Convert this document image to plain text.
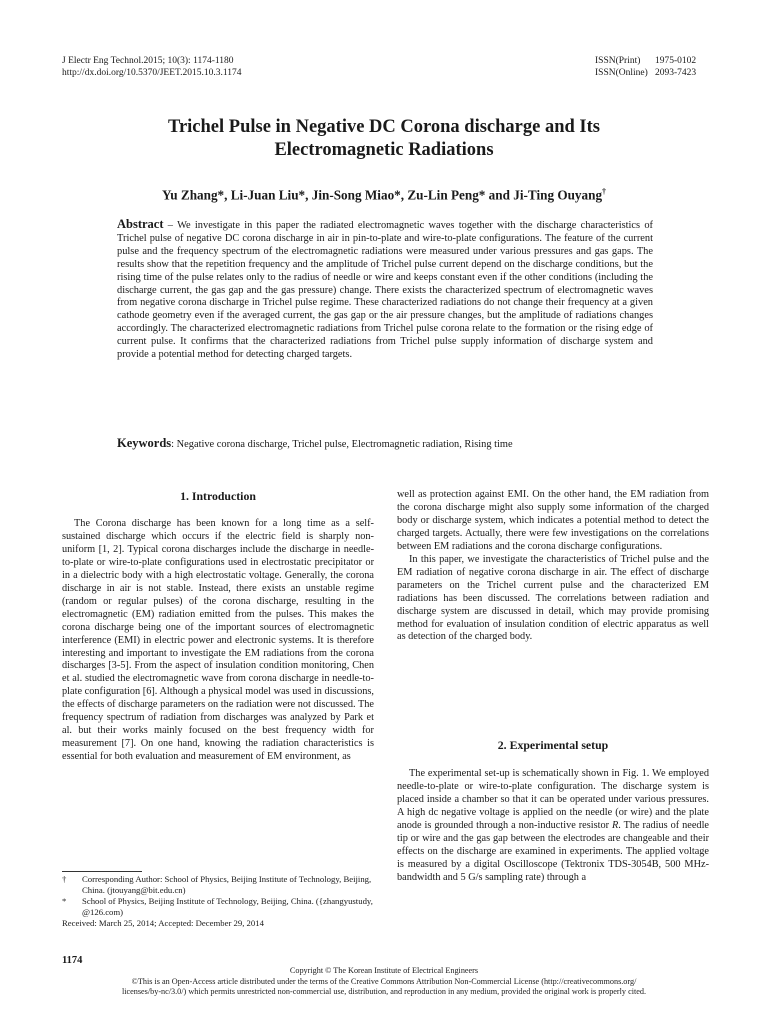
J Electr Eng Technol.2015; 10(3): 1174-1180
http://dx.doi.org/10.5370/JEET.2015.10.3.1174
ISSN(Print) 1975-0102
ISSN(Online) 2093-7423
Trichel Pulse in Negative DC Corona discharge and Its
Electromagnetic Radiations
Yu Zhang*, Li-Juan Liu*, Jin-Song Miao*, Zu-Lin Peng* and Ji-Ting Ouyang†
Abstract – We investigate in this paper the radiated electromagnetic waves together with the discharge characteristics of Trichel pulse of negative DC corona discharge in air in pin-to-plate and wire-to-plate configurations. The feature of the current pulse and the frequency spectrum of the electromagnetic radiations were measured under various pressures and gas gaps. The results show that the repetition frequency and the amplitude of Trichel pulse current depend on the discharge conditions, but the rising time of the pulse relates only to the radius of needle or wire and keeps constant even if the other conditions (including the discharge current, the gas gap and the gas pressure) change. There exists the characterized spectrum of electromagnetic waves from negative corona discharge in Trichel pulse regime. These characterized radiations do not change their frequency at a given cathode geometry even if the averaged current, the gas gap or the air pressure changes, but the amplitude of radiations changes accordingly. The characterized electromagnetic radiations from Trichel pulse corona relate to the formation or the rising edge of current pulse. It confirms that the characterized radiations from Trichel pulse supply information of discharge system and provide a potential method for detecting charged targets.
Keywords: Negative corona discharge, Trichel pulse, Electromagnetic radiation, Rising time
1. Introduction

The Corona discharge has been known for a long time as a self-sustained discharge which occurs if the electric field is sharply non-uniform [1, 2]. Typical corona discharges include the discharge in needle-to-plate or wire-to-plate configurations used in electrostatic precipitator or in a dielectric body with a high electrostatic voltage. Generally, the corona discharge in air is not stable. Instead, there exists an unstable regime (random or regular pulses) of the corona discharge, resulting in the electromagnetic (EM) radiation emitted from the pulses. This makes the corona discharge being one of the important sources of electromagnetic interference (EMI) in electric power and electronic systems. It is therefore interesting and important to investigate the EM radiations from the corona discharges [3-5]. From the aspect of insulation condition monitoring, Chen et al. studied the electromagnetic wave from corona discharge in needle-to-plate configuration [6]. Although a physical model was used in discussions, the effects of discharge parameters on the radiation were not discussed. The frequency spectrum of radiation from discharges was analyzed by Park et al. but their works mainly focused on the best frequency width for measurement [7]. On one hand, knowing the radiation characteristics is essential for both evaluation and measurement of EM environment, as

well as protection against EMI. On the other hand, the EM radiation from the corona discharge might also supply some information of the charged body or discharge system, which indicates a potential method to detect the charged targets. Actually, there were few investigations on the correlations between EM radiations and the corona discharge configurations.

In this paper, we investigate the characteristics of Trichel pulse and the EM radiation of negative corona discharge in air. The effect of discharge parameters on the Trichel current pulse and the characterized EM radiations has been discussed. The correlations between radiation and discharge system are discussed in detail, which may provide promising method for evaluation of insulation condition of electric apparatus as well as detection of the charged body.

2. Experimental setup

The experimental set-up is schematically shown in Fig. 1. We employed needle-to-plate or wire-to-plate configuration. The discharge system is placed inside a chamber so that it can be operated under various pressures. A high dc negative voltage is applied on the needle (or wire) and the plate anode is grounded through a non-inductive resistor R. The radius of needle tip or wire and the gas gap between the electrodes are changeable and their effects on the discharge are examined in experiments. The applied voltage is measured by a digital Oscilloscope (Tektronix TDS-3054B, 500 MHz-bandwidth and 5 G/s sampling rate) through a

†	Corresponding Author: School of Physics, Beijing Institute of Technology, Beijing, China. (jtouyang@bit.edu.cn)
*	School of Physics, Beijing Institute of Technology, Beijing, China. ({zhangyustudy, @126.com)
Received: March 25, 2014; Accepted: December 29, 2014
1174
Copyright © The Korean Institute of Electrical Engineers
©This is an Open-Access article distributed under the terms of the Creative Commons Attribution Non-Commercial License (http://creativecommons.org/
licenses/by-nc/3.0/) which permits unrestricted non-commercial use, distribution, and reproduction in any medium, provided the original work is properly cited.
